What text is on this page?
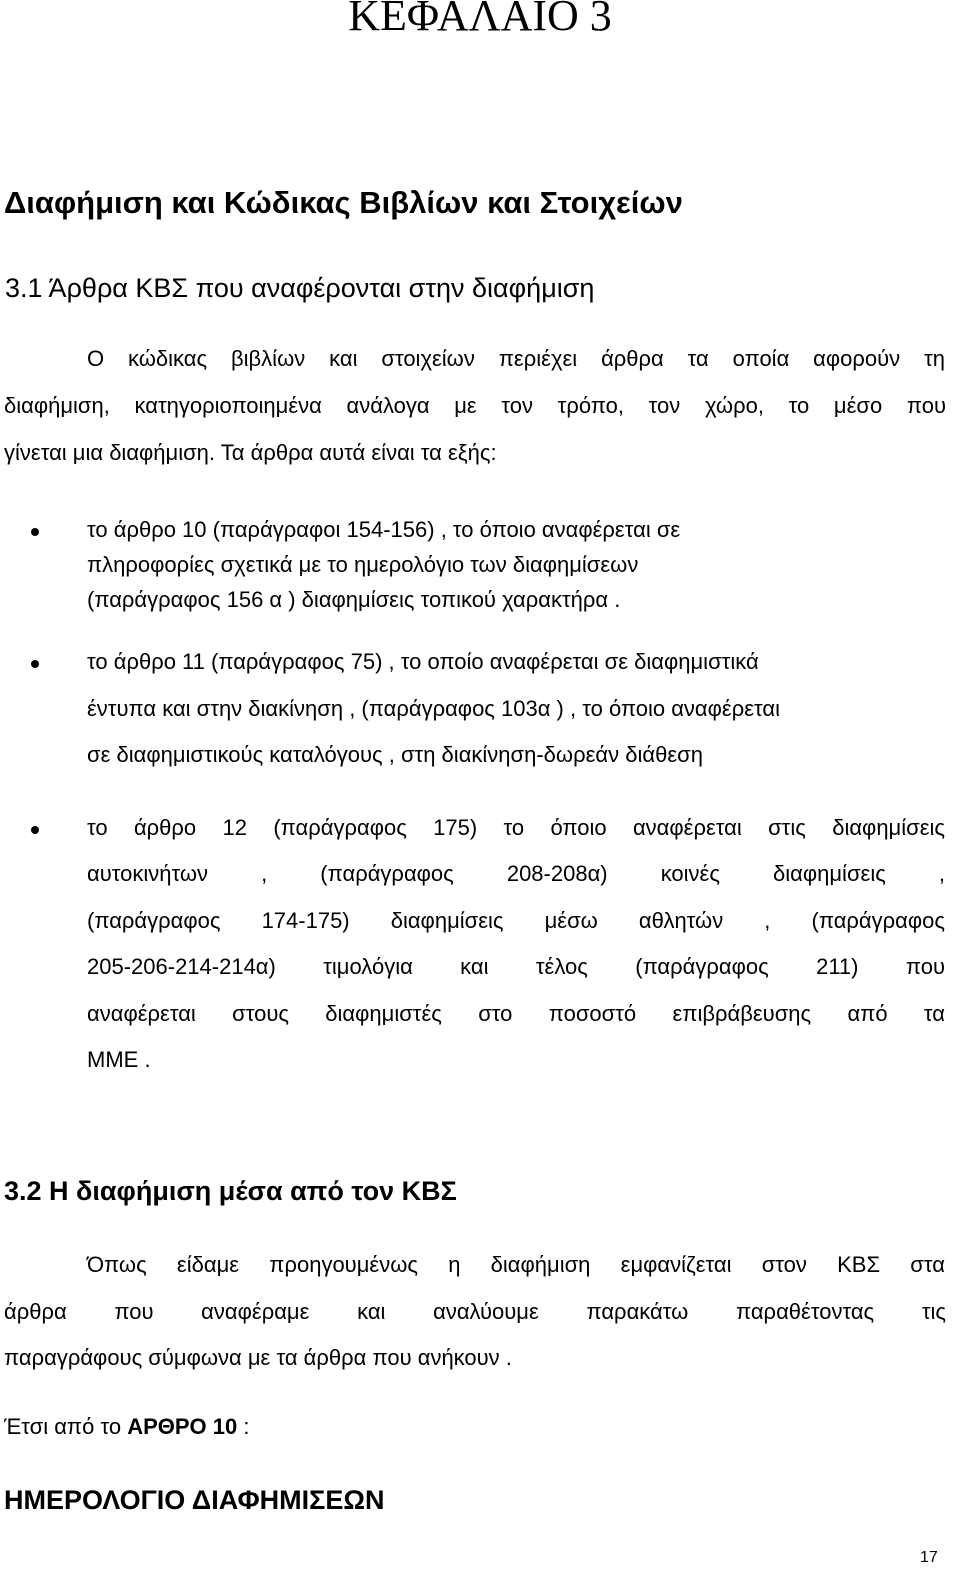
ΚΕΦΑΛΑΙΟ 3
Διαφήμιση και Κώδικας Βιβλίων και Στοιχείων
3.1 Άρθρα ΚΒΣ που αναφέρονται στην διαφήμιση
Ο κώδικας βιβλίων και στοιχείων περιέχει άρθρα τα οποία αφορούν τη
διαφήμιση, κατηγοριοποιημένα ανάλογα με τον τρόπο, τον χώρο, το μέσο που
γίνεται μια διαφήμιση. Τα άρθρα αυτά είναι τα εξής:
το άρθρο 10 (παράγραφοι 154-156) , το όποιο αναφέρεται σε
πληροφορίες σχετικά με το ημερολόγιο των διαφημίσεων
(παράγραφος 156 α ) διαφημίσεις τοπικού χαρακτήρα .
το άρθρο 11 (παράγραφος 75) , το οποίο αναφέρεται σε διαφημιστικά
έντυπα και στην διακίνηση , (παράγραφος 103α ) , το όποιο αναφέρεται
σε διαφημιστικούς καταλόγους , στη διακίνηση-δωρεάν διάθεση
το άρθρο 12 (παράγραφος 175) το όποιο αναφέρεται στις διαφημίσεις
αυτοκινήτων , (παράγραφος 208-208α) κοινές διαφημίσεις ,
(παράγραφος 174-175) διαφημίσεις μέσω αθλητών , (παράγραφος
205-206-214-214α) τιμολόγια και τέλος (παράγραφος 211) που
αναφέρεται στους διαφημιστές στο ποσοστό επιβράβευσης από τα
ΜΜΕ .
3.2 Η διαφήμιση μέσα από τον ΚΒΣ
Όπως είδαμε προηγουμένως η διαφήμιση εμφανίζεται στον ΚΒΣ στα
άρθρα που αναφέραμε και αναλύουμε παρακάτω παραθέτοντας τις
παραγράφους σύμφωνα με τα άρθρα που ανήκουν .
Έτσι από το ΑΡΘΡΟ 10 :
ΗΜΕΡΟΛΟΓΙΟ ΔΙΑΦΗΜΙΣΕΩΝ
17
